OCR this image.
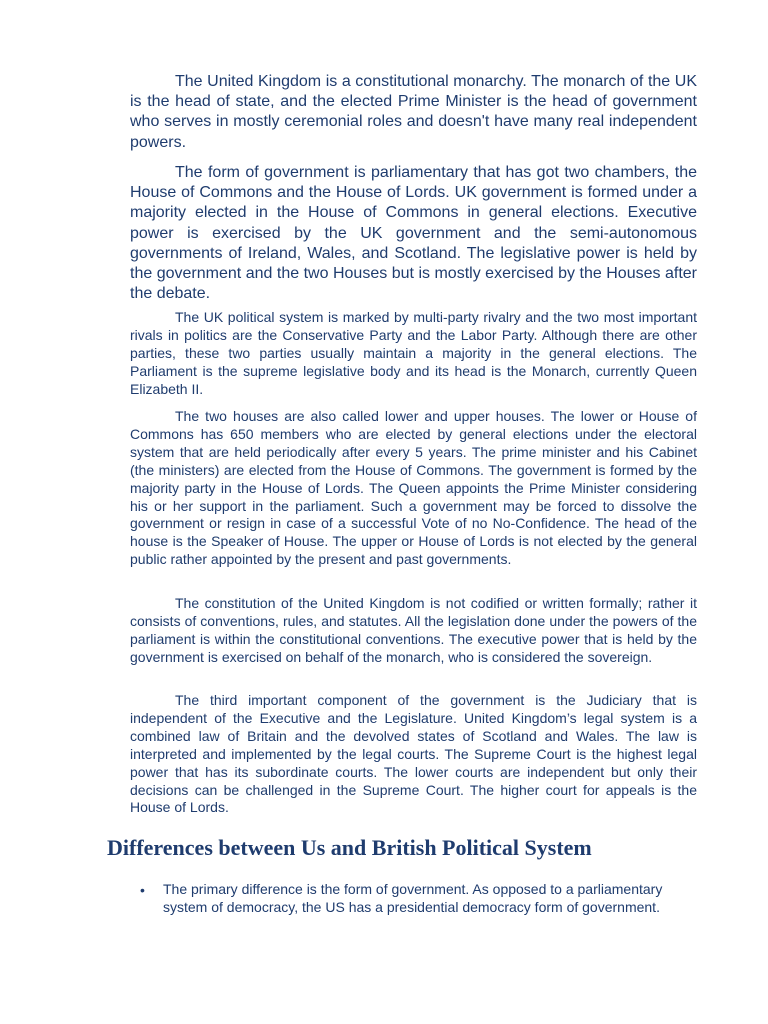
The United Kingdom is a constitutional monarchy. The monarch of the UK is the head of state, and the elected Prime Minister is the head of government who serves in mostly ceremonial roles and doesn't have many real independent powers.

The form of government is parliamentary that has got two chambers, the House of Commons and the House of Lords. UK government is formed under a majority elected in the House of Commons in general elections. Executive power is exercised by the UK government and the semi-autonomous governments of Ireland, Wales, and Scotland. The legislative power is held by the government and the two Houses but is mostly exercised by the Houses after the debate.

The UK political system is marked by multi-party rivalry and the two most important rivals in politics are the Conservative Party and the Labor Party. Although there are other parties, these two parties usually maintain a majority in the general elections. The Parliament is the supreme legislative body and its head is the Monarch, currently Queen Elizabeth II.

The two houses are also called lower and upper houses. The lower or House of Commons has 650 members who are elected by general elections under the electoral system that are held periodically after every 5 years. The prime minister and his Cabinet (the ministers) are elected from the House of Commons. The government is formed by the majority party in the House of Lords. The Queen appoints the Prime Minister considering his or her support in the parliament. Such a government may be forced to dissolve the government or resign in case of a successful Vote of no No-Confidence. The head of the house is the Speaker of House. The upper or House of Lords is not elected by the general public rather appointed by the present and past governments.

The constitution of the United Kingdom is not codified or written formally; rather it consists of conventions, rules, and statutes. All the legislation done under the powers of the parliament is within the constitutional conventions. The executive power that is held by the government is exercised on behalf of the monarch, who is considered the sovereign.

The third important component of the government is the Judiciary that is independent of the Executive and the Legislature. United Kingdom’s legal system is a combined law of Britain and the devolved states of Scotland and Wales. The law is interpreted and implemented by the legal courts. The Supreme Court is the highest legal power that has its subordinate courts. The lower courts are independent but only their decisions can be challenged in the Supreme Court. The higher court for appeals is the House of Lords.

Differences between Us and British Political System
•	The primary difference is the form of government. As opposed to a parliamentary system of democracy, the US has a presidential democracy form of government.
